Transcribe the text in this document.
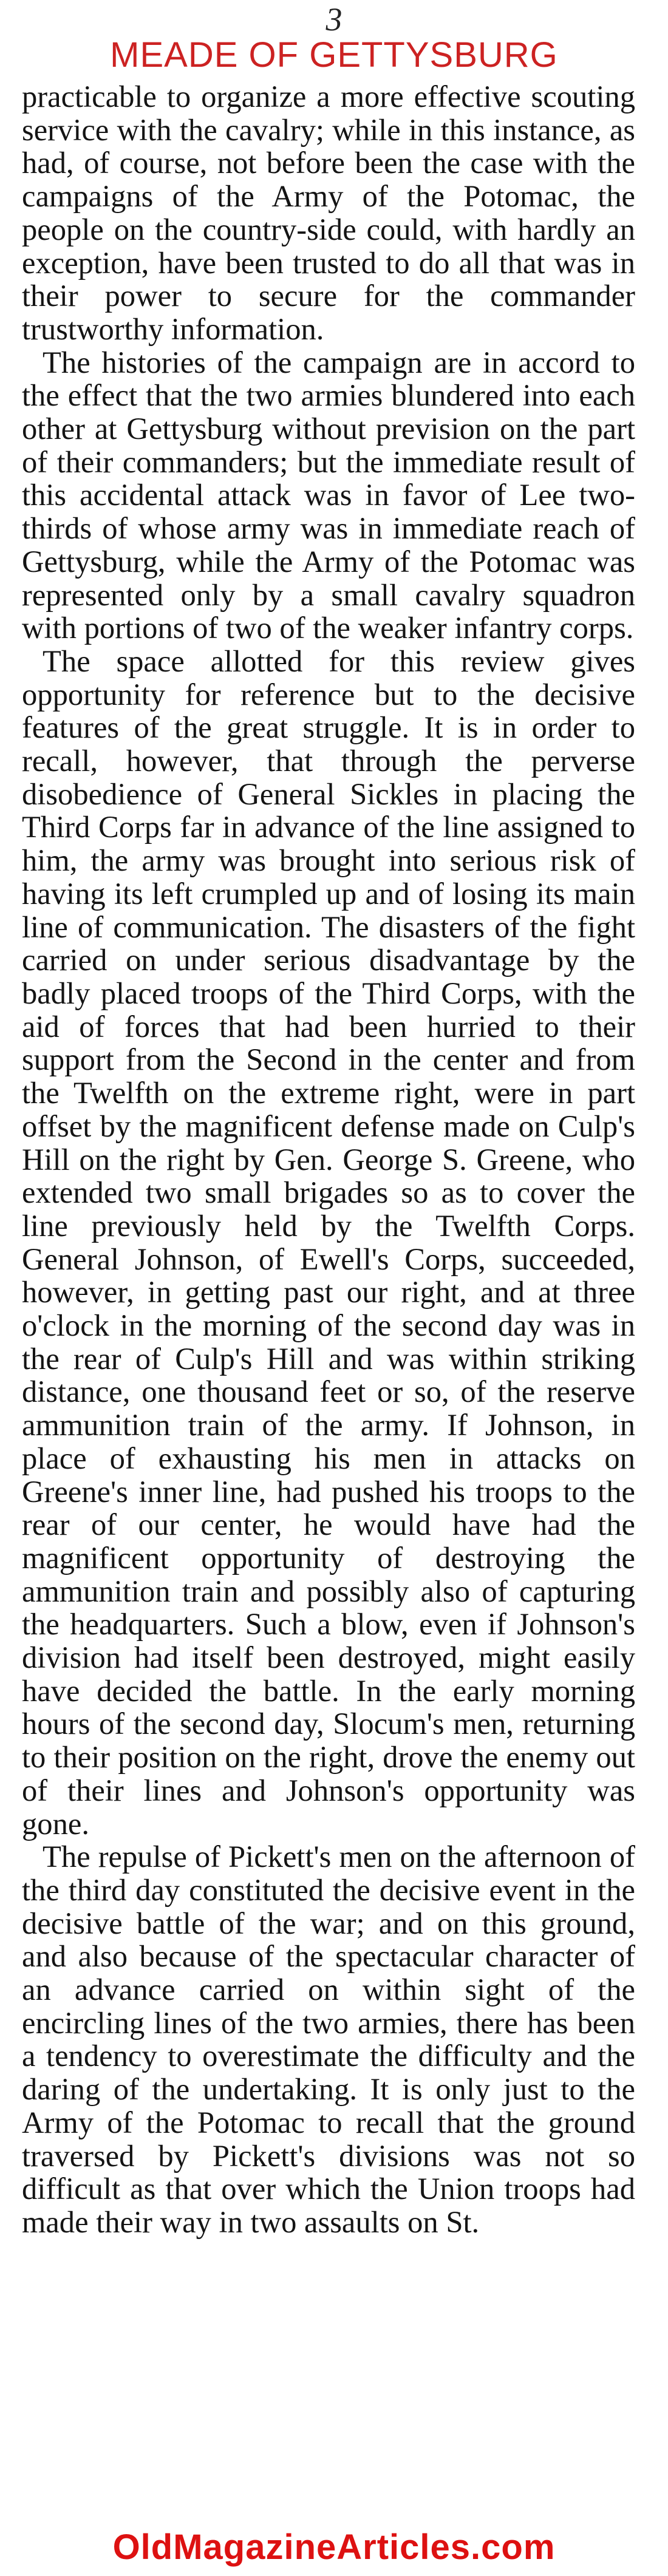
3
MEADE OF GETTYSBURG

practicable to organize a more effective scouting service with the cavalry; while in this instance, as had, of course, not before been the case with the campaigns of the Army of the Potomac, the people on the country-side could, with hardly an exception, have been trusted to do all that was in their power to secure for the commander trustworthy information.

The histories of the campaign are in accord to the effect that the two armies blundered into each other at Gettysburg without prevision on the part of their commanders; but the immediate result of this accidental attack was in favor of Lee two-thirds of whose army was in immediate reach of Gettysburg, while the Army of the Potomac was represented only by a small cavalry squadron with portions of two of the weaker infantry corps.

The space allotted for this review gives opportunity for reference but to the decisive features of the great struggle. It is in order to recall, however, that through the perverse disobedience of General Sickles in placing the Third Corps far in advance of the line assigned to him, the army was brought into serious risk of having its left crumpled up and of losing its main line of communication. The disasters of the fight carried on under serious disadvantage by the badly placed troops of the Third Corps, with the aid of forces that had been hurried to their support from the Second in the center and from the Twelfth on the extreme right, were in part offset by the magnificent defense made on Culp's Hill on the right by Gen. George S. Greene, who extended two small brigades so as to cover the line previously held by the Twelfth Corps. General Johnson, of Ewell's Corps, succeeded, however, in getting past our right, and at three o'clock in the morning of the second day was in the rear of Culp's Hill and was within striking distance, one thousand feet or so, of the reserve ammunition train of the army. If Johnson, in place of exhausting his men in attacks on Greene's inner line, had pushed his troops to the rear of our center, he would have had the magnificent opportunity of destroying the ammunition train and possibly also of capturing the headquarters. Such a blow, even if Johnson's division had itself been destroyed, might easily have decided the battle. In the early morning hours of the second day, Slocum's men, returning to their position on the right, drove the enemy out of their lines and Johnson's opportunity was gone.

The repulse of Pickett's men on the afternoon of the third day constituted the decisive event in the decisive battle of the war; and on this ground, and also because of the spectacular character of an advance carried on within sight of the encircling lines of the two armies, there has been a tendency to overestimate the difficulty and the daring of the undertaking. It is only just to the Army of the Potomac to recall that the ground traversed by Pickett's divisions was not so difficult as that over which the Union troops had made their way in two assaults on St.

OldMagazineArticles.com
